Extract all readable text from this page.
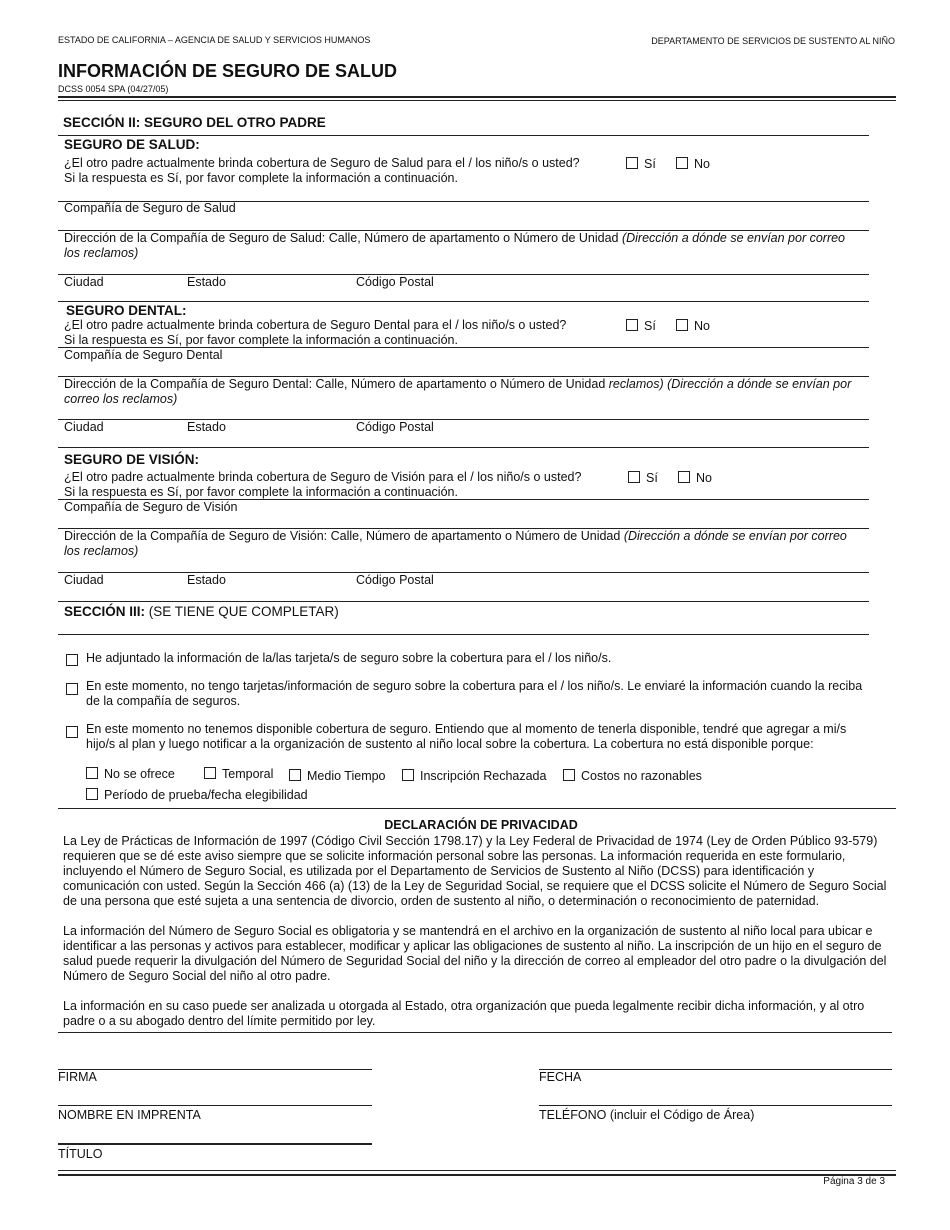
ESTADO DE CALIFORNIA – AGENCIA DE SALUD Y SERVICIOS HUMANOS	DEPARTAMENTO DE SERVICIOS DE SUSTENTO AL NIÑO
INFORMACIÓN DE SEGURO DE SALUD
DCSS 0054 SPA (04/27/05)
SECCIÓN II: SEGURO DEL OTRO PADRE
SEGURO DE SALUD:
¿El otro padre actualmente brinda cobertura de Seguro de Salud para el / los niño/s o usted?
Si la respuesta es Sí, por favor complete la información a continuación.
Sí	No
Compañía de Seguro de Salud
Dirección de la Compañía de Seguro de Salud: Calle, Número de apartamento o Número de Unidad (Dirección a dónde se envían por correo los reclamos)
Ciudad	Estado	Código Postal
SEGURO DENTAL:
¿El otro padre actualmente brinda cobertura de Seguro Dental para el / los niño/s o usted?
Si la respuesta es Sí, por favor complete la información a continuación.
Sí	No
Compañía de Seguro Dental
Dirección de la Compañía de Seguro Dental: Calle, Número de apartamento o Número de Unidad reclamos) (Dirección a dónde se envían por correo los reclamos)
Ciudad	Estado	Código Postal
SEGURO DE VISIÓN:
¿El otro padre actualmente brinda cobertura de Seguro de Visión para el / los niño/s o usted?
Si la respuesta es Sí, por favor complete la información a continuación.
Sí	No
Compañía de Seguro de Visión
Dirección de la Compañía de Seguro de Visión: Calle, Número de apartamento o Número de Unidad (Dirección a dónde se envían por correo los reclamos)
Ciudad	Estado	Código Postal
SECCIÓN III: (SE TIENE QUE COMPLETAR)
He adjuntado la información de la/las tarjeta/s de seguro sobre la cobertura para el / los niño/s.
En este momento, no tengo tarjetas/información de seguro sobre la cobertura para el / los niño/s. Le enviaré la información cuando la reciba de la compañía de seguros.
En este momento no tenemos disponible cobertura de seguro. Entiendo que al momento de tenerla disponible, tendré que agregar a mi/s hijo/s al plan y luego notificar a la organización de sustento al niño local sobre la cobertura. La cobertura no está disponible porque:
No se ofrece	Temporal	Medio Tiempo	Inscripción Rechazada	Costos no razonables
Período de prueba/fecha elegibilidad
DECLARACIÓN DE PRIVACIDAD

La Ley de Prácticas de Información de 1997 (Código Civil Sección 1798.17) y la Ley Federal de Privacidad de 1974 (Ley de Orden Público 93-579) requieren que se dé este aviso siempre que se solicite información personal sobre las personas. La información requerida en este formulario, incluyendo el Número de Seguro Social, es utilizada por el Departamento de Servicios de Sustento al Niño (DCSS) para identificación y comunicación con usted. Según la Sección 466 (a) (13) de la Ley de Seguridad Social, se requiere que el DCSS solicite el Número de Seguro Social de una persona que esté sujeta a una sentencia de divorcio, orden de sustento al niño, o determinación o reconocimiento de paternidad.

La información del Número de Seguro Social es obligatoria y se mantendrá en el archivo en la organización de sustento al niño local para ubicar e identificar a las personas y activos para establecer, modificar y aplicar las obligaciones de sustento al niño. La inscripción de un hijo en el seguro de salud puede requerir la divulgación del Número de Seguridad Social del niño y la dirección de correo al empleador del otro padre o la divulgación del Número de Seguro Social del niño al otro padre.

La información en su caso puede ser analizada u otorgada al Estado, otra organización que pueda legalmente recibir dicha información, y al otro padre o a su abogado dentro del límite permitido por ley.

FIRMA	FECHA
NOMBRE EN IMPRENTA	TELÉFONO (incluir el Código de Área)
TÍTULO
Página 3 de 3
